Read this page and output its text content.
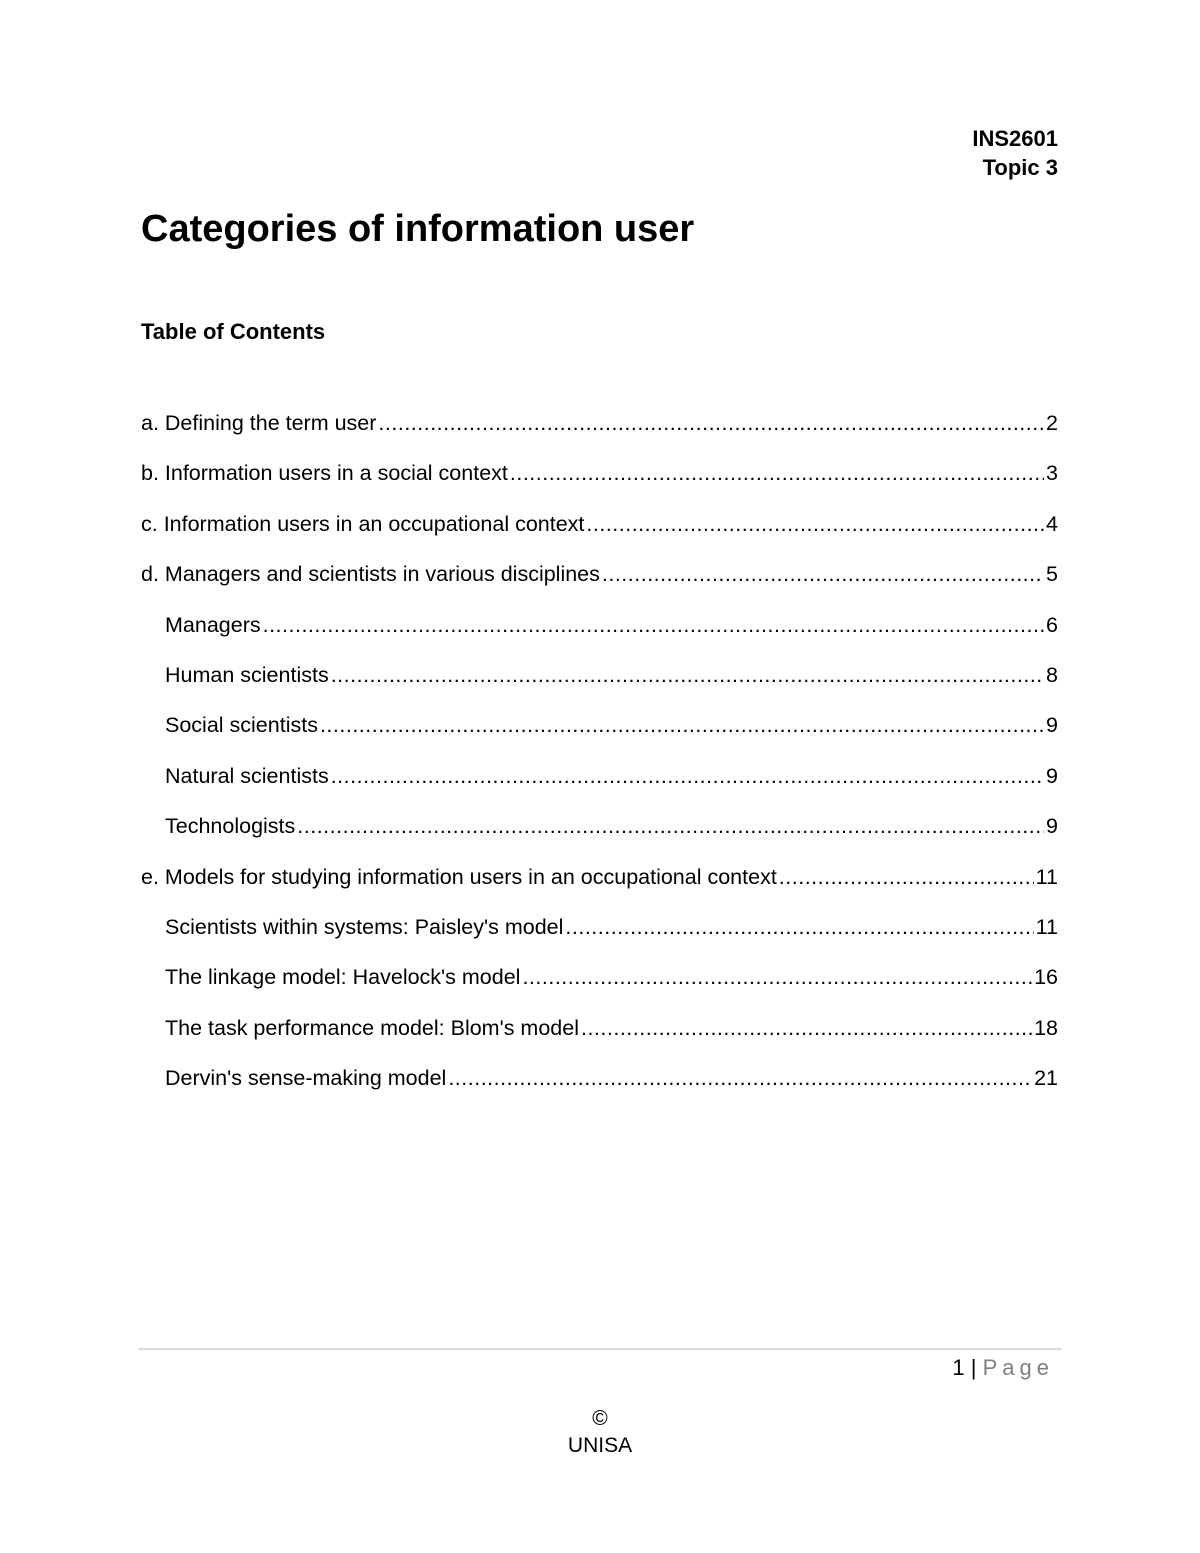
INS2601
Topic 3
Categories of information user
Table of Contents
a. Defining the term user .....	2
b. Information users in a social context .....	3
c. Information users in an occupational context .....	4
d. Managers and scientists in various disciplines .....	5
Managers .....	6
Human scientists .....	8
Social scientists .....	9
Natural scientists .....	9
Technologists .....	9
e. Models for studying information users in an occupational context .....	11
Scientists within systems: Paisley's model .....	11
The linkage model: Havelock's model .....	16
The task performance model: Blom's model .....	18
Dervin's sense-making model .....	21
1 | Page
©
UNISA
